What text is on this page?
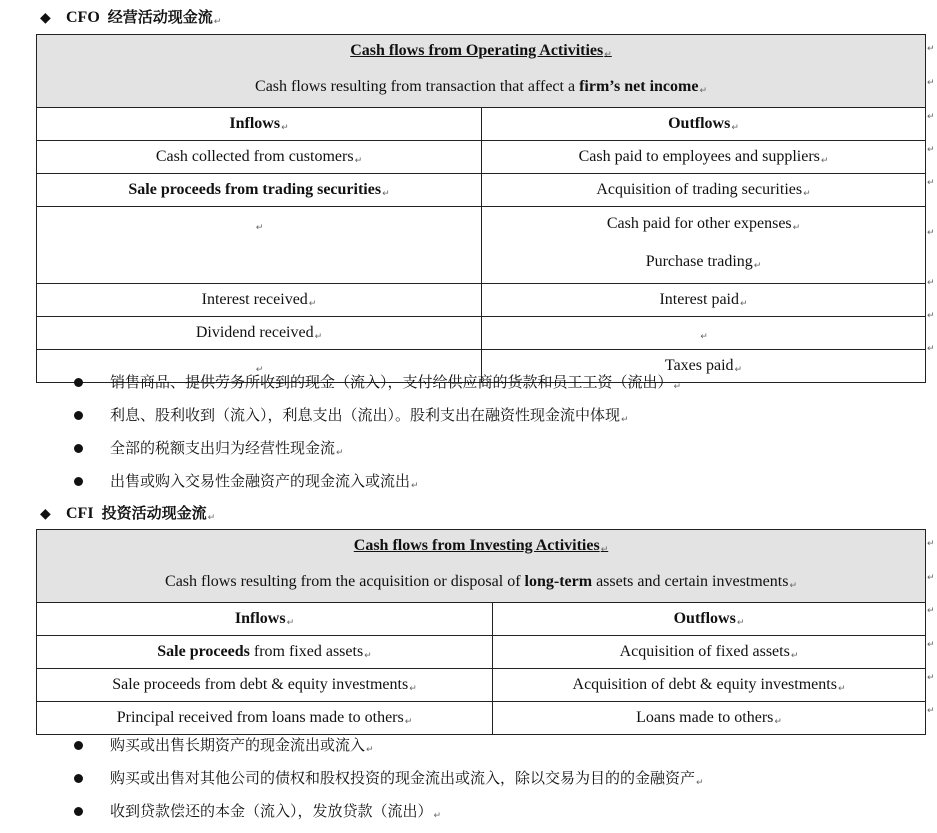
◆ CFO 经营活动现金流↵
Cash flows from Operating Activities↵
Cash flows resulting from transaction that affect a firm’s net income↵	

Inflows↵	Outflows↵
Cash collected from customers↵	Cash paid to employees and suppliers↵
Sale proceeds from trading securities↵	Acquisition of trading securities↵

↵	Cash paid for other expenses↵
Purchase trading↵

Interest received↵	Interest paid↵
Dividend received↵	↵
↵	Taxes paid↵
↵
↵
↵
↵
↵
↵
↵
↵
↵
销售商品、提供劳务所收到的现金（流入），支付给供应商的货款和员工工资（流出）↵
利息、股利收到（流入），利息支出（流出）。股利支出在融资性现金流中体现↵
全部的税额支出归为经营性现金流↵
出售或购入交易性金融资产的现金流入或流出↵
◆ CFI 投资活动现金流↵
Cash flows from Investing Activities↵
Cash flows resulting from the acquisition or disposal of long-term assets and certain investments↵	

Inflows↵	Outflows↵
Sale proceeds from fixed assets↵	Acquisition of fixed assets↵
Sale proceeds from debt & equity investments↵	Acquisition of debt & equity investments↵
Principal received from loans made to others↵	Loans made to others↵
↵
↵
↵
↵
↵
↵
购买或出售长期资产的现金流出或流入↵
购买或出售对其他公司的债权和股权投资的现金流出或流入，除以交易为目的的金融资产↵
收到贷款偿还的本金（流入），发放贷款（流出）↵
